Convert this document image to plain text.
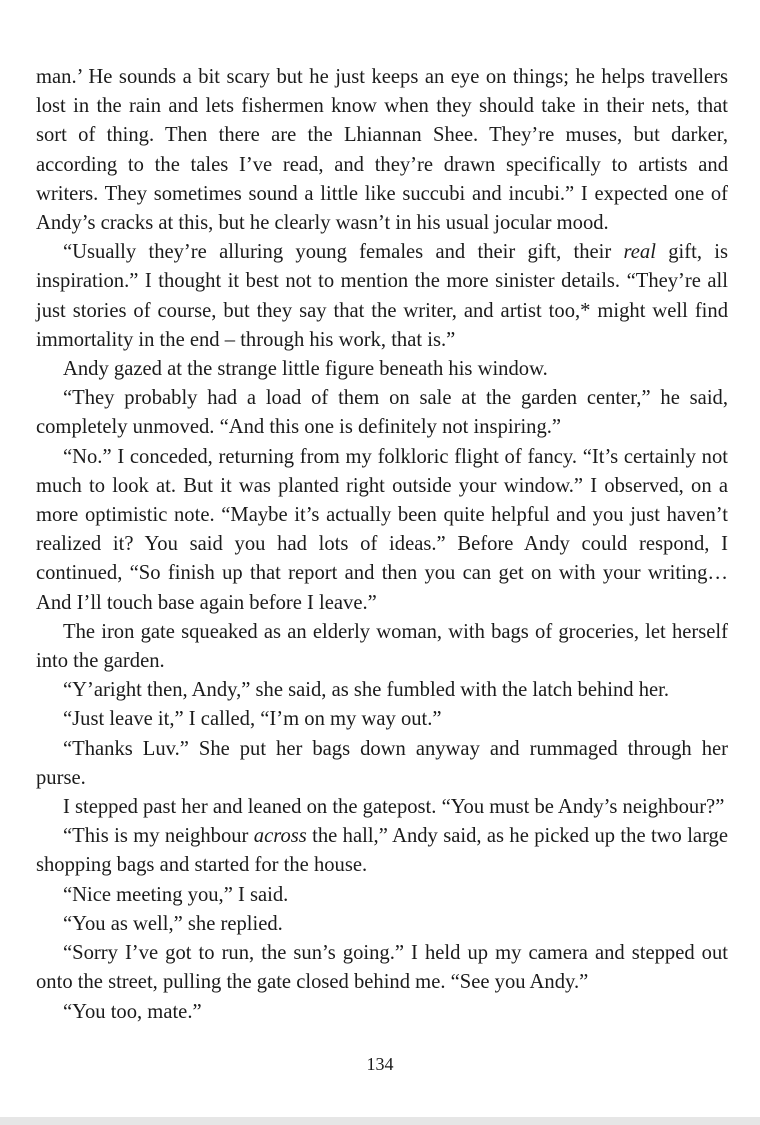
man.’ He sounds a bit scary but he just keeps an eye on things; he helps travellers lost in the rain and lets fishermen know when they should take in their nets, that sort of thing. Then there are the Lhiannan Shee. They’re muses, but darker, according to the tales I’ve read, and they’re drawn specifically to artists and writers. They sometimes sound a little like succubi and incubi.” I expected one of Andy’s cracks at this, but he clearly wasn’t in his usual jocular mood.

“Usually they’re alluring young females and their gift, their real gift, is inspiration.” I thought it best not to mention the more sinister details. “They’re all just stories of course, but they say that the writer, and artist too,* might well find immortality in the end – through his work, that is.”

Andy gazed at the strange little figure beneath his window.

“They probably had a load of them on sale at the garden center,” he said, completely unmoved. “And this one is definitely not inspiring.”

“No.” I conceded, returning from my folkloric flight of fancy. “It’s certainly not much to look at. But it was planted right outside your window.” I observed, on a more optimistic note. “Maybe it’s actually been quite helpful and you just haven’t realized it? You said you had lots of ideas.” Before Andy could respond, I continued, “So finish up that report and then you can get on with your writing… And I’ll touch base again before I leave.”

The iron gate squeaked as an elderly woman, with bags of groceries, let herself into the garden.

“Y’aright then, Andy,” she said, as she fumbled with the latch behind her.

“Just leave it,” I called, “I’m on my way out.”

“Thanks Luv.” She put her bags down anyway and rummaged through her purse.

I stepped past her and leaned on the gatepost. “You must be Andy’s neighbour?”

“This is my neighbour across the hall,” Andy said, as he picked up the two large shopping bags and started for the house.

“Nice meeting you,” I said.

“You as well,” she replied.

“Sorry I’ve got to run, the sun’s going.” I held up my camera and stepped out onto the street, pulling the gate closed behind me. “See you Andy.”

“You too, mate.”

134
